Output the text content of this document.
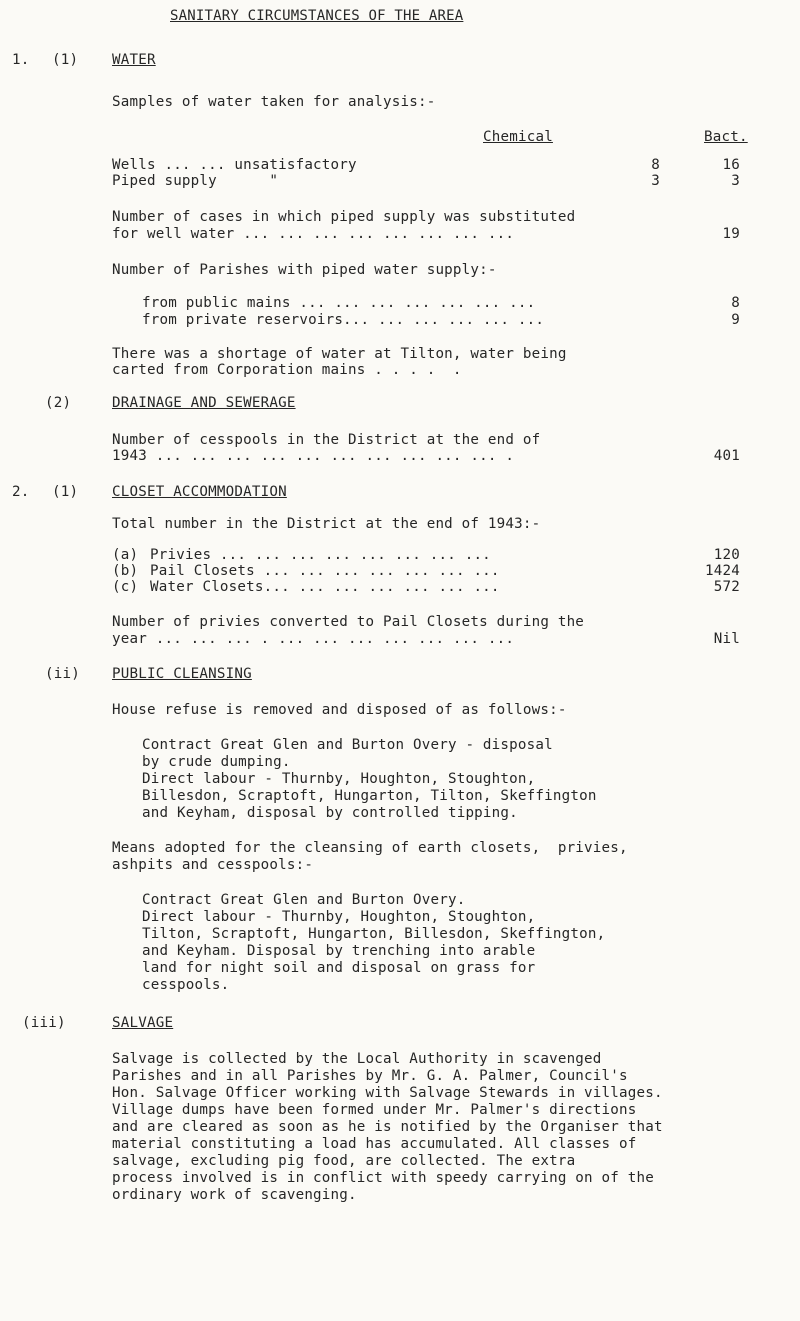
SANITARY CIRCUMSTANCES OF THE AREA
1. (1) WATER
Samples of water taken for analysis:-
Chemical	Bact.
Wells ... ... unsatisfactory	8	16
Piped supply      "	3	3
Number of cases in which piped supply was substituted
for well water ... ... ... ... ... ... ... ...	19
Number of Parishes with piped water supply:-
from public mains ... ... ... ... ... ... ...	8
from private reservoirs... ... ... ... ... ...	9
There was a shortage of water at Tilton, water being
carted from Corporation mains . . . .  .
(2)	DRAINAGE AND SEWERAGE
Number of cesspools in the District at the end of
1943 ... ... ... ... ... ... ... ... ... ... .	401
2. (1) CLOSET ACCOMMODATION
Total number in the District at the end of 1943:-
(a) Privies ... ... ... ... ... ... ... ...	120
(b) Pail Closets ... ... ... ... ... ... ...	1424
(c) Water Closets... ... ... ... ... ... ...	572
Number of privies converted to Pail Closets during the
year ... ... ... . ... ... ... ... ... ... ...	Nil
(ii) PUBLIC CLEANSING
House refuse is removed and disposed of as follows:-
Contract Great Glen and Burton Overy - disposal
by crude dumping.
Direct labour - Thurnby, Houghton, Stoughton,
Billesdon, Scraptoft, Hungarton, Tilton, Skeffington
and Keyham, disposal by controlled tipping.
Means adopted for the cleansing of earth closets,  privies,
ashpits and cesspools:-
Contract Great Glen and Burton Overy.
Direct labour - Thurnby, Houghton, Stoughton,
Tilton, Scraptoft, Hungarton, Billesdon, Skeffington,
and Keyham. Disposal by trenching into arable
land for night soil and disposal on grass for
cesspools.
(iii)	SALVAGE
Salvage is collected by the Local Authority in scavenged
Parishes and in all Parishes by Mr. G. A. Palmer, Council's
Hon. Salvage Officer working with Salvage Stewards in villages.
Village dumps have been formed under Mr. Palmer's directions
and are cleared as soon as he is notified by the Organiser that
material constituting a load has accumulated. All classes of
salvage, excluding pig food, are collected. The extra
process involved is in conflict with speedy carrying on of the
ordinary work of scavenging.
